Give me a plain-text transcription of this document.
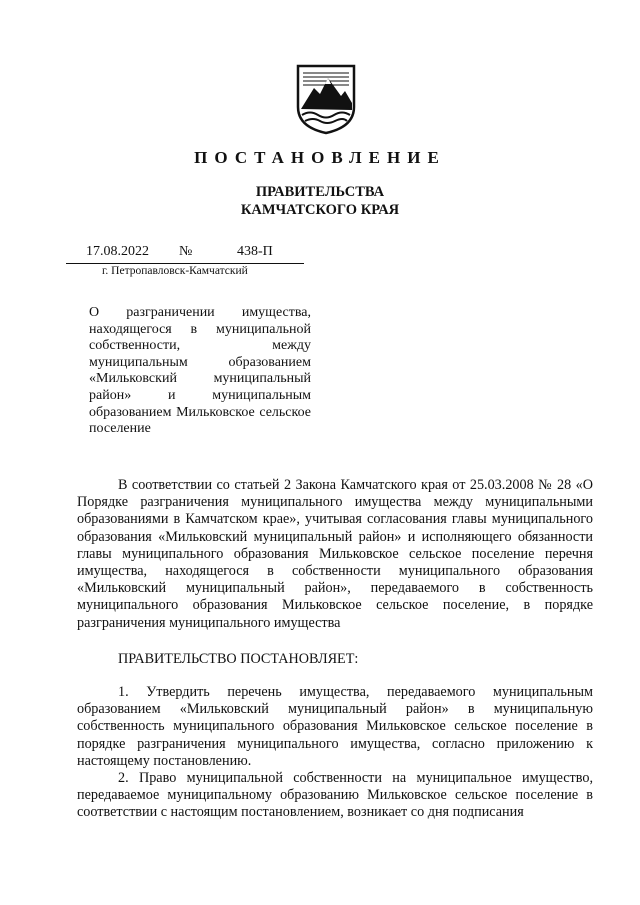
ПОСТАНОВЛЕНИЕ
ПРАВИТЕЛЬСТВА
КАМЧАТСКОГО КРАЯ
17.08.2022 №	438-П
г. Петропавловск-Камчатский
О разграничении имущества, находящегося в муниципальной собственности, между муниципальным образованием «Мильковский муниципальный район» и муниципальным образованием Мильковское сельское поселение

В соответствии со статьей 2 Закона Камчатского края от 25.03.2008 № 28 «О Порядке разграничения муниципального имущества между муниципальными образованиями в Камчатском крае», учитывая согласования главы муниципального образования «Мильковский муниципальный район» и исполняющего обязанности главы муниципального образования Мильковское сельское поселение перечня имущества, находящегося в собственности муниципального образования «Мильковский муниципальный район», передаваемого в собственность муниципального образования Мильковское сельское поселение, в порядке разграничения муниципального имущества

ПРАВИТЕЛЬСТВО ПОСТАНОВЛЯЕТ:

1. Утвердить перечень имущества, передаваемого муниципальным образованием «Мильковский муниципальный район» в муниципальную собственность муниципального образования Мильковское сельское поселение в порядке разграничения муниципального имущества, согласно приложению к настоящему постановлению.

2. Право муниципальной собственности на муниципальное имущество, передаваемое муниципальному образованию Мильковское сельское поселение в соответствии с настоящим постановлением, возникает со дня подписания
